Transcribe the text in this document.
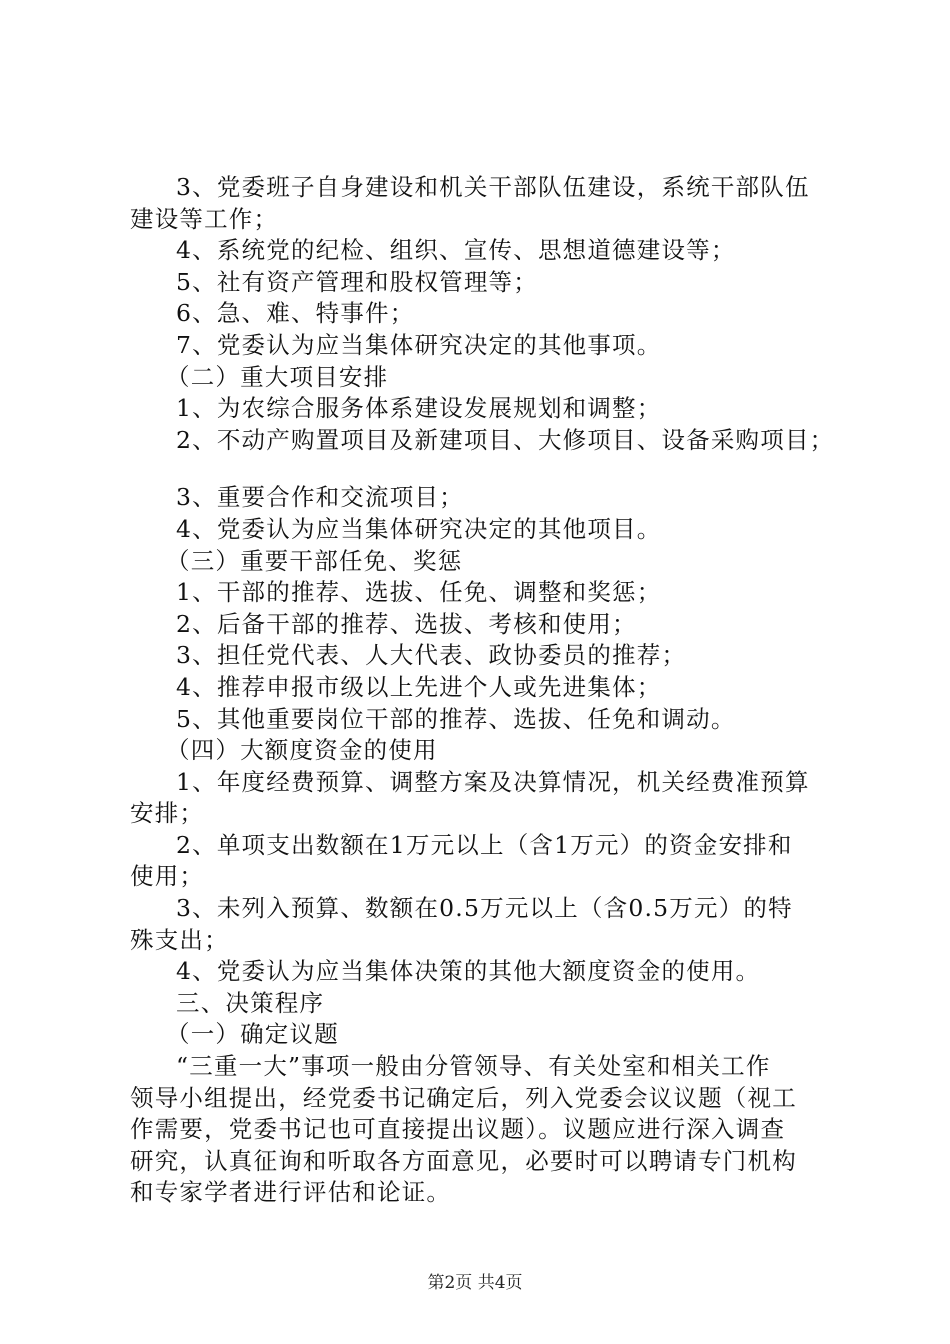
3、党委班子自身建设和机关干部队伍建设，系统干部队伍
建设等工作；
4、系统党的纪检、组织、宣传、思想道德建设等；
5、社有资产管理和股权管理等；
6、急、难、特事件；
7、党委认为应当集体研究决定的其他事项。
（二）重大项目安排
1、为农综合服务体系建设发展规划和调整；
2、不动产购置项目及新建项目、大修项目、设备采购项目；
3、重要合作和交流项目；
4、党委认为应当集体研究决定的其他项目。
（三）重要干部任免、奖惩
1、干部的推荐、选拔、任免、调整和奖惩；
2、后备干部的推荐、选拔、考核和使用；
3、担任党代表、人大代表、政协委员的推荐；
4、推荐申报市级以上先进个人或先进集体；
5、其他重要岗位干部的推荐、选拔、任免和调动。
（四）大额度资金的使用
1、年度经费预算、调整方案及决算情况，机关经费准预算
安排；
2、单项支出数额在1万元以上（含1万元）的资金安排和
使用；
3、未列入预算、数额在0.5万元以上（含0.5万元）的特
殊支出；
4、党委认为应当集体决策的其他大额度资金的使用。
三、决策程序
（一）确定议题
“三重一大”事项一般由分管领导、有关处室和相关工作
领导小组提出，经党委书记确定后，列入党委会议议题（视工
作需要，党委书记也可直接提出议题）。议题应进行深入调查
研究，认真征询和听取各方面意见，必要时可以聘请专门机构
和专家学者进行评估和论证。
第2页 共4页
